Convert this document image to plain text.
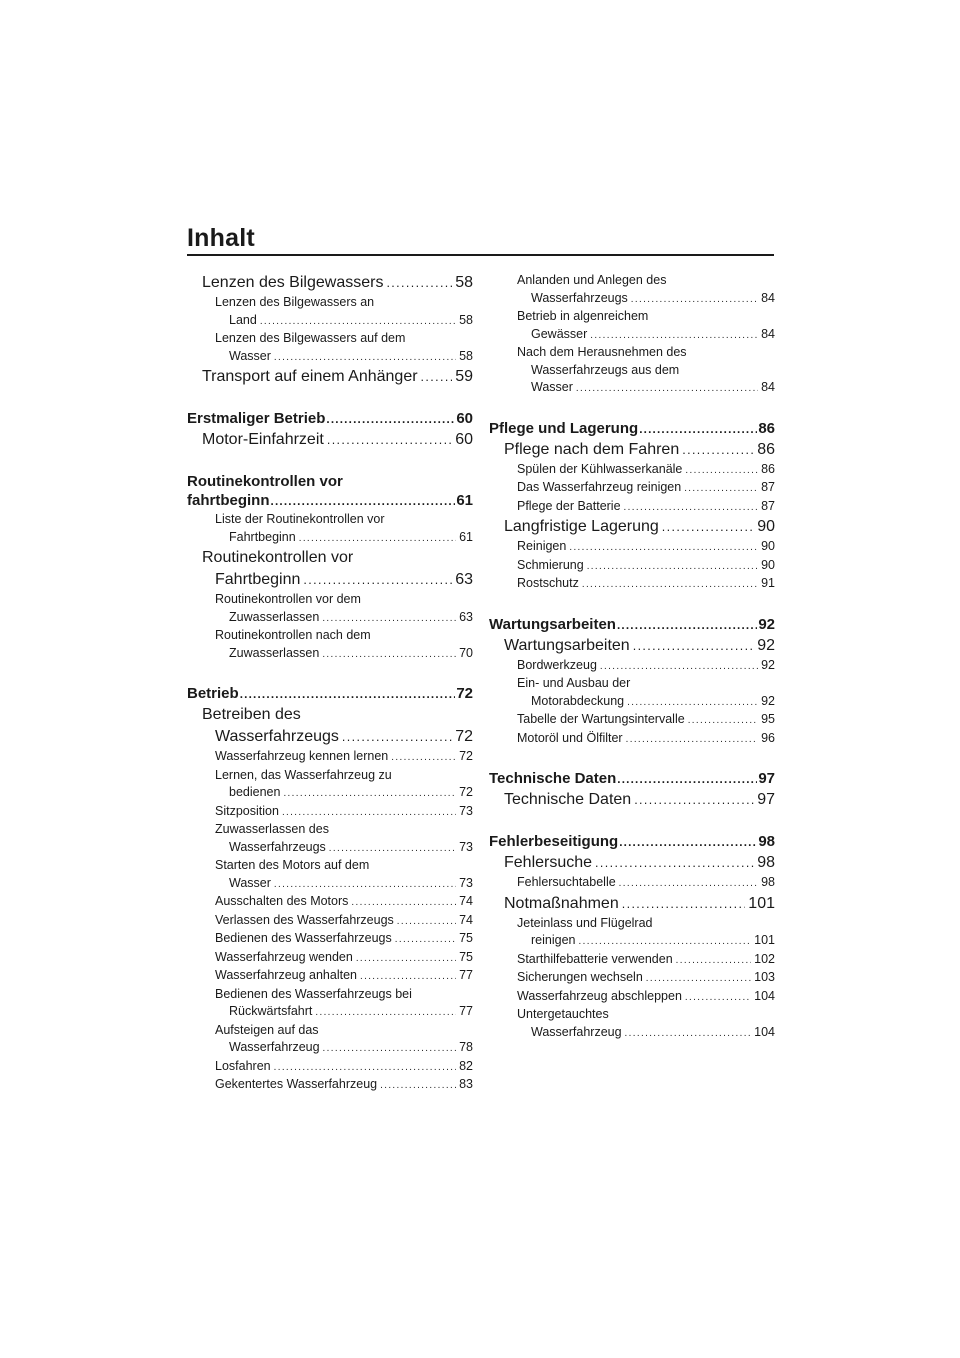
Inhalt
Lenzen des Bilgewassers .....	58
Lenzen des Bilgewassers an
Land .....	58
Lenzen des Bilgewassers auf dem
Wasser .....	58
Transport auf einem Anhänger ..... 59
Erstmaliger Betrieb .....	60
Motor-Einfahrzeit .....	60
Routinekontrollen vor
fahrtbeginn .....	61
Liste der Routinekontrollen vor
Fahrtbeginn .....	61
Routinekontrollen vor
Fahrtbeginn .....	63
Routinekontrollen vor dem
Zuwasserlassen .....	63
Routinekontrollen nach dem
Zuwasserlassen .....	70
Betrieb .....	72
Betreiben des
Wasserfahrzeugs .....	72
Wasserfahrzeug kennen lernen .....	72
Lernen, das Wasserfahrzeug zu
bedienen .....	72
Sitzposition .....	73
Zuwasserlassen des
Wasserfahrzeugs .....	73
Starten des Motors auf dem
Wasser .....	73
Ausschalten des Motors .....	74
Verlassen des Wasserfahrzeugs .....	74
Bedienen des Wasserfahrzeugs .....	75
Wasserfahrzeug wenden .....	75
Wasserfahrzeug anhalten .....	77
Bedienen des Wasserfahrzeugs bei
Rückwärtsfahrt .....	77
Aufsteigen auf das
Wasserfahrzeug .....	78
Losfahren .....	82
Gekentertes Wasserfahrzeug .....	83
Anlanden und Anlegen des
Wasserfahrzeugs .....	84
Betrieb in algenreichem
Gewässer .....	84
Nach dem Herausnehmen des
Wasserfahrzeugs aus dem
Wasser .....	84
Pflege und Lagerung .....	86
Pflege nach dem Fahren .....	86
Spülen der Kühlwasserkanäle .....	86
Das Wasserfahrzeug reinigen .....	87
Pflege der Batterie .....	87
Langfristige Lagerung .....	90
Reinigen .....	90
Schmierung .....	90
Rostschutz .....	91
Wartungsarbeiten .....	92
Wartungsarbeiten .....	92
Bordwerkzeug .....	92
Ein- und Ausbau der
Motorabdeckung .....	92
Tabelle der Wartungsintervalle .....	95
Motoröl und Ölfilter .....	96
Technische Daten .....	97
Technische Daten .....	97
Fehlerbeseitigung .....	98
Fehlersuche .....	98
Fehlersuchtabelle .....	98
Notmaßnahmen .....	101
Jeteinlass und Flügelrad
reinigen .....	101
Starthilfebatterie verwenden .....	102
Sicherungen wechseln .....	103
Wasserfahrzeug abschleppen .....	104
Untergetauchtes
Wasserfahrzeug .....	104
